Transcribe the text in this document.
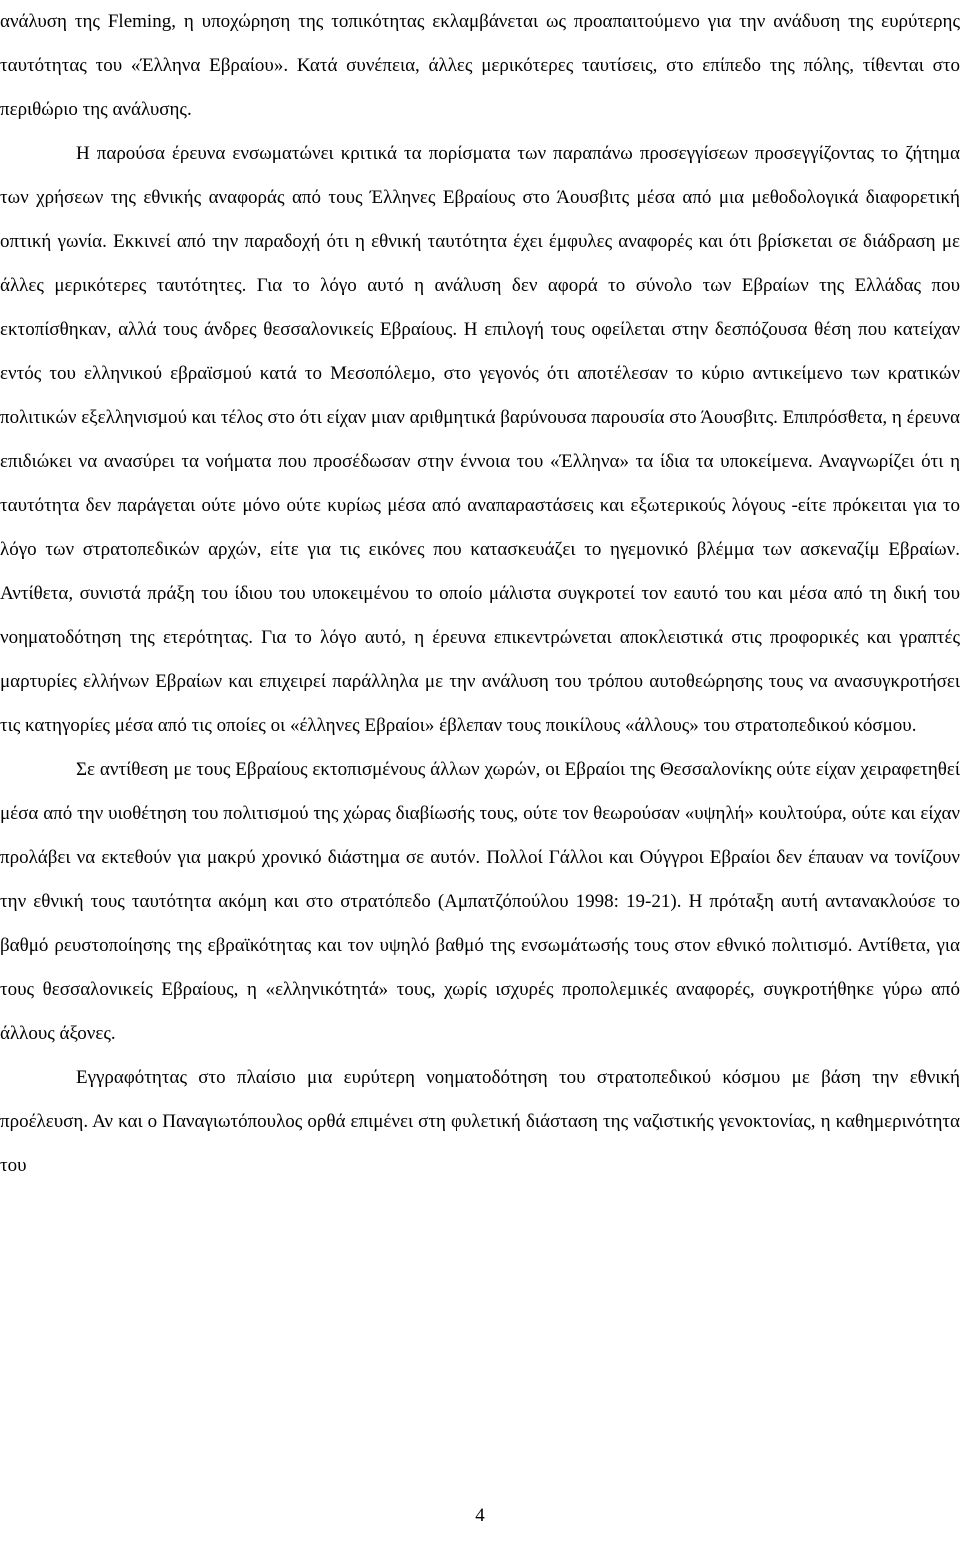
ανάλυση της Fleming, η υποχώρηση της τοπικότητας εκλαμβάνεται ως προαπαιτούμενο για την ανάδυση της ευρύτερης ταυτότητας του «Έλληνα Εβραίου». Κατά συνέπεια, άλλες μερικότερες ταυτίσεις, στο επίπεδο της πόλης, τίθενται στο περιθώριο της ανάλυσης.

Η παρούσα έρευνα ενσωματώνει κριτικά τα πορίσματα των παραπάνω προσεγγίσεων προσεγγίζοντας το ζήτημα των χρήσεων της εθνικής αναφοράς από τους Έλληνες Εβραίους στο Άουσβιτς μέσα από μια μεθοδολογικά διαφορετική οπτική γωνία. Εκκινεί από την παραδοχή ότι η εθνική ταυτότητα έχει έμφυλες αναφορές και ότι βρίσκεται σε διάδραση με άλλες μερικότερες ταυτότητες. Για το λόγο αυτό η ανάλυση δεν αφορά το σύνολο των Εβραίων της Ελλάδας που εκτοπίσθηκαν, αλλά τους άνδρες θεσσαλονικείς Εβραίους. Η επιλογή τους οφείλεται στην δεσπόζουσα θέση που κατείχαν εντός του ελληνικού εβραϊσμού κατά το Μεσοπόλεμο, στο γεγονός ότι αποτέλεσαν το κύριο αντικείμενο των κρατικών πολιτικών εξελληνισμού και τέλος στο ότι είχαν μιαν αριθμητικά βαρύνουσα παρουσία στο Άουσβιτς. Επιπρόσθετα, η έρευνα επιδιώκει να ανασύρει τα νοήματα που προσέδωσαν στην έννοια του «Έλληνα» τα ίδια τα υποκείμενα. Αναγνωρίζει ότι η ταυτότητα δεν παράγεται ούτε μόνο ούτε κυρίως μέσα από αναπαραστάσεις και εξωτερικούς λόγους -είτε πρόκειται για το λόγο των στρατοπεδικών αρχών, είτε για τις εικόνες που κατασκευάζει το ηγεμονικό βλέμμα των ασκεναζίμ Εβραίων. Αντίθετα, συνιστά πράξη του ίδιου του υποκειμένου το οποίο μάλιστα συγκροτεί τον εαυτό του και μέσα από τη δική του νοηματοδότηση της ετερότητας. Για το λόγο αυτό, η έρευνα επικεντρώνεται αποκλειστικά στις προφορικές και γραπτές μαρτυρίες ελλήνων Εβραίων και επιχειρεί παράλληλα με την ανάλυση του τρόπου αυτοθεώρησης τους να ανασυγκροτήσει τις κατηγορίες μέσα από τις οποίες οι «έλληνες Εβραίοι» έβλεπαν τους ποικίλους «άλλους» του στρατοπεδικού κόσμου.

Σε αντίθεση με τους Εβραίους εκτοπισμένους άλλων χωρών, οι Εβραίοι της Θεσσαλονίκης ούτε είχαν χειραφετηθεί μέσα από την υιοθέτηση του πολιτισμού της χώρας διαβίωσής τους, ούτε τον θεωρούσαν «υψηλή» κουλτούρα, ούτε και είχαν προλάβει να εκτεθούν για μακρύ χρονικό διάστημα σε αυτόν. Πολλοί Γάλλοι και Ούγγροι Εβραίοι δεν έπαυαν να τονίζουν την εθνική τους ταυτότητα ακόμη και στο στρατόπεδο (Αμπατζόπούλου 1998: 19-21). Η πρόταξη αυτή αντανακλούσε το βαθμό ρευστοποίησης της εβραϊκότητας και τον υψηλό βαθμό της ενσωμάτωσής τους στον εθνικό πολιτισμό. Αντίθετα, για τους θεσσαλονικείς Εβραίους, η «ελληνικότητά» τους, χωρίς ισχυρές προπολεμικές αναφορές, συγκροτήθηκε γύρω από άλλους άξονες.

Εγγραφότητας στο πλαίσιο μια ευρύτερη νοηματοδότηση του στρατοπεδικού κόσμου με βάση την εθνική προέλευση. Αν και ο Παναγιωτόπουλος ορθά επιμένει στη φυλετική διάσταση της ναζιστικής γενοκτονίας, η καθημερινότητα του

4
